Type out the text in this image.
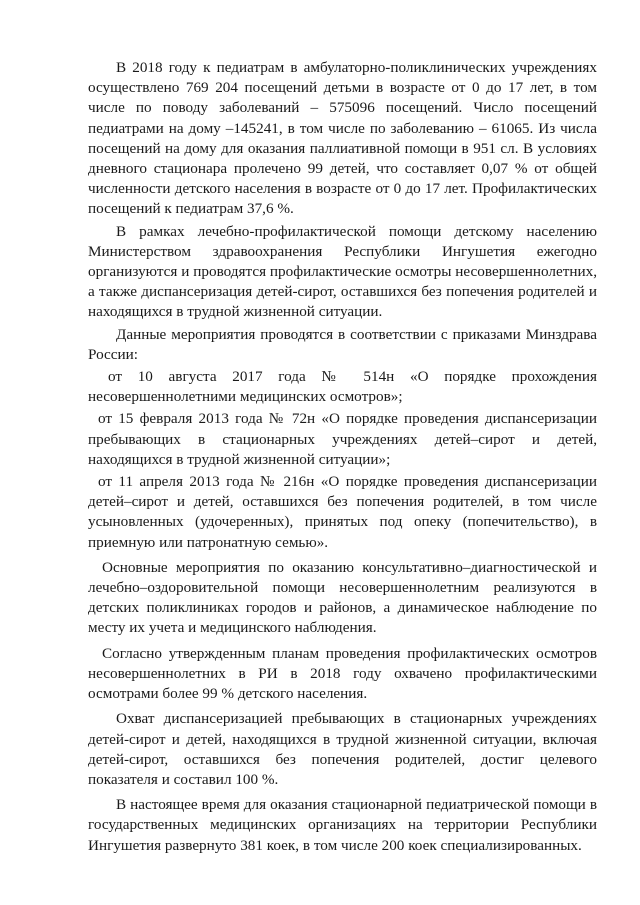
В 2018 году к педиатрам в амбулаторно-поликлинических учреждениях осуществлено 769 204 посещений детьми в возрасте от 0 до 17 лет, в том числе по поводу заболеваний – 575096 посещений. Число посещений педиатрами на дому –145241, в том числе по заболеванию – 61065. Из числа посещений на дому для оказания паллиативной помощи в 951 сл. В условиях дневного стационара пролечено 99 детей, что составляет 0,07 % от общей численности детского населения в возрасте от 0 до 17 лет. Профилактических посещений к педиатрам 37,6 %.

В рамках лечебно-профилактической помощи детскому населению Министерством здравоохранения Республики Ингушетия ежегодно организуются и проводятся профилактические осмотры несовершеннолетних, а также диспансеризация детей-сирот, оставшихся без попечения родителей и находящихся в трудной жизненной ситуации.

Данные мероприятия проводятся в соответствии с приказами Минздрава России:

от 10 августа 2017 года № 514н «О порядке прохождения несовершеннолетними медицинских осмотров»;

от 15 февраля 2013 года № 72н «О порядке проведения диспансеризации пребывающих в стационарных учреждениях детей–сирот и детей, находящихся в трудной жизненной ситуации»;

от 11 апреля 2013 года № 216н «О порядке проведения диспансеризации детей–сирот и детей, оставшихся без попечения родителей, в том числе усыновленных (удочеренных), принятых под опеку (попечительство), в приемную или патронатную семью».

Основные мероприятия по оказанию консультативно–диагностической и лечебно–оздоровительной помощи несовершеннолетним реализуются в детских поликлиниках городов и районов, а динамическое наблюдение по месту их учета и медицинского наблюдения.

Согласно утвержденным планам проведения профилактических осмотров несовершеннолетних в РИ в 2018 году охвачено профилактическими осмотрами более 99 % детского населения.

Охват диспансеризацией пребывающих в стационарных учреждениях детей-сирот и детей, находящихся в трудной жизненной ситуации, включая детей-сирот, оставшихся без попечения родителей, достиг целевого показателя и составил 100 %.

В настоящее время для оказания стационарной педиатрической помощи в государственных медицинских организациях на территории Республики Ингушетия развернуто 381 коек, в том числе 200 коек специализированных.
